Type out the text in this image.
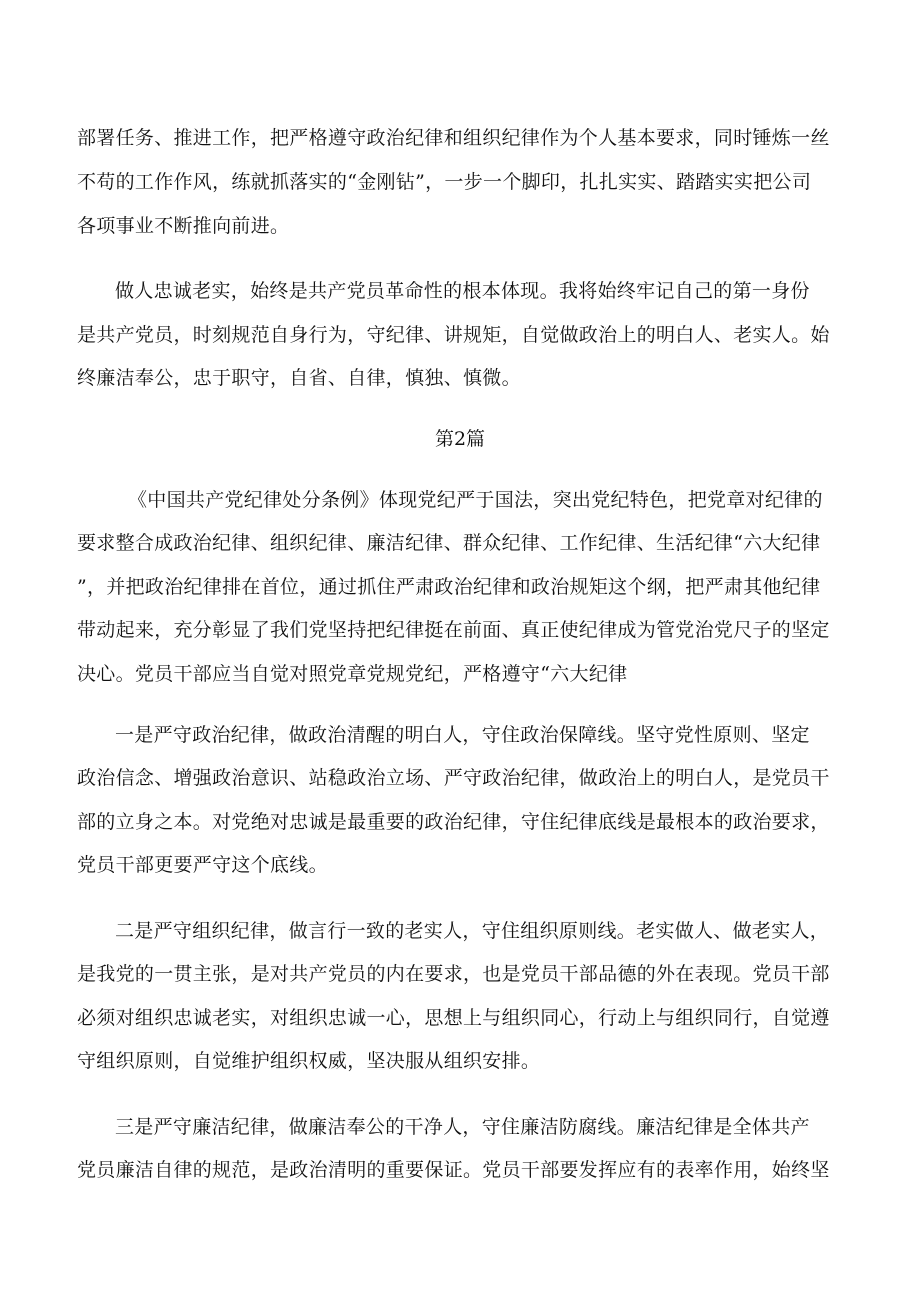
部署任务、推进工作，把严格遵守政治纪律和组织纪律作为个人基本要求，同时锤炼一丝
不苟的工作作风，练就抓落实的“金刚钻”，一步一个脚印，扎扎实实、踏踏实实把公司
各项事业不断推向前进。
做人忠诚老实，始终是共产党员革命性的根本体现。我将始终牢记自己的第一身份
是共产党员，时刻规范自身行为，守纪律、讲规矩，自觉做政治上的明白人、老实人。始
终廉洁奉公，忠于职守，自省、自律，慎独、慎微。
第2篇
《中国共产党纪律处分条例》体现党纪严于国法，突出党纪特色，把党章对纪律的
要求整合成政治纪律、组织纪律、廉洁纪律、群众纪律、工作纪律、生活纪律“六大纪律
”，并把政治纪律排在首位，通过抓住严肃政治纪律和政治规矩这个纲，把严肃其他纪律
带动起来，充分彰显了我们党坚持把纪律挺在前面、真正使纪律成为管党治党尺子的坚定
决心。党员干部应当自觉对照党章党规党纪，严格遵守“六大纪律
一是严守政治纪律，做政治清醒的明白人，守住政治保障线。坚守党性原则、坚定
政治信念、增强政治意识、站稳政治立场、严守政治纪律，做政治上的明白人，是党员干
部的立身之本。对党绝对忠诚是最重要的政治纪律，守住纪律底线是最根本的政治要求，
党员干部更要严守这个底线。
二是严守组织纪律，做言行一致的老实人，守住组织原则线。老实做人、做老实人，
是我党的一贯主张，是对共产党员的内在要求，也是党员干部品德的外在表现。党员干部
必须对组织忠诚老实，对组织忠诚一心，思想上与组织同心，行动上与组织同行，自觉遵
守组织原则，自觉维护组织权威，坚决服从组织安排。
三是严守廉洁纪律，做廉洁奉公的干净人，守住廉洁防腐线。廉洁纪律是全体共产
党员廉洁自律的规范，是政治清明的重要保证。党员干部要发挥应有的表率作用，始终坚
